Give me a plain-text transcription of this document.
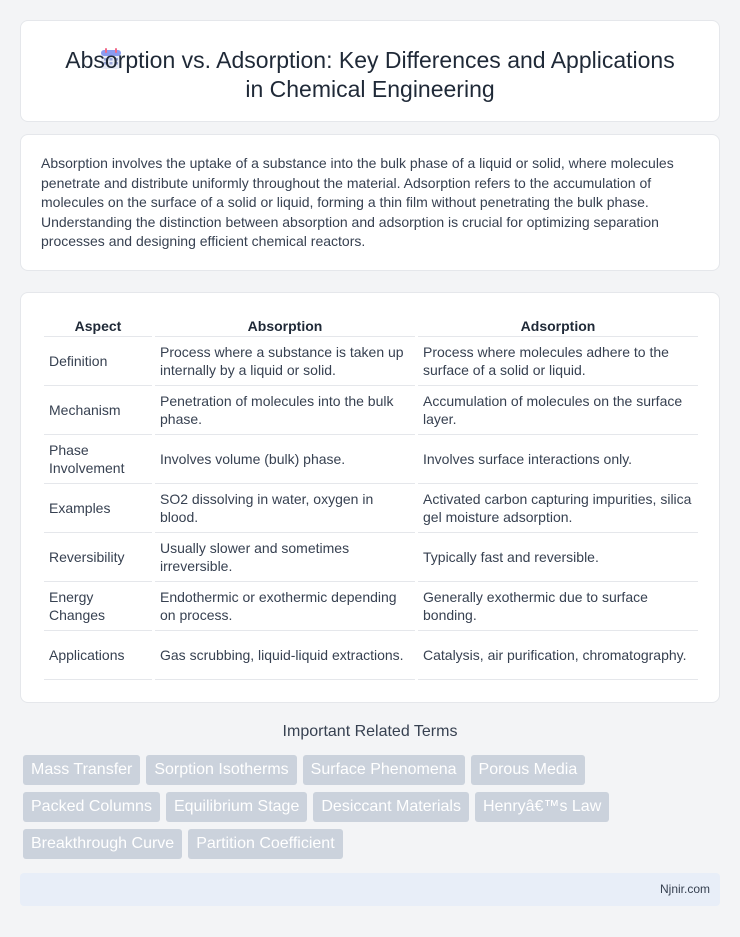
Absorption vs. Adsorption: Key Differences and Applications in Chemical Engineering

Absorption involves the uptake of a substance into the bulk phase of a liquid or solid, where molecules penetrate and distribute uniformly throughout the material. Adsorption refers to the accumulation of molecules on the surface of a solid or liquid, forming a thin film without penetrating the bulk phase. Understanding the distinction between absorption and adsorption is crucial for optimizing separation processes and designing efficient chemical reactors.

Aspect	Absorption	Adsorption
Definition	Process where a substance is taken up internally by a liquid or solid.	Process where molecules adhere to the surface of a solid or liquid.
Mechanism	Penetration of molecules into the bulk phase.	Accumulation of molecules on the surface layer.
Phase Involvement	Involves volume (bulk) phase.	Involves surface interactions only.
Examples	SO2 dissolving in water, oxygen in blood.	Activated carbon capturing impurities, silica gel moisture adsorption.
Reversibility	Usually slower and sometimes irreversible.	Typically fast and reversible.
Energy Changes	Endothermic or exothermic depending on process.	Generally exothermic due to surface bonding.
Applications	Gas scrubbing, liquid-liquid extractions.	Catalysis, air purification, chromatography.
Important Related Terms
Mass Transfer	Sorption Isotherms	Surface Phenomena	Porous Media
Packed Columns	Equilibrium Stage	Desiccant Materials	Henryâ€™s Law
Breakthrough Curve	Partition Coefficient
Njnir.com
